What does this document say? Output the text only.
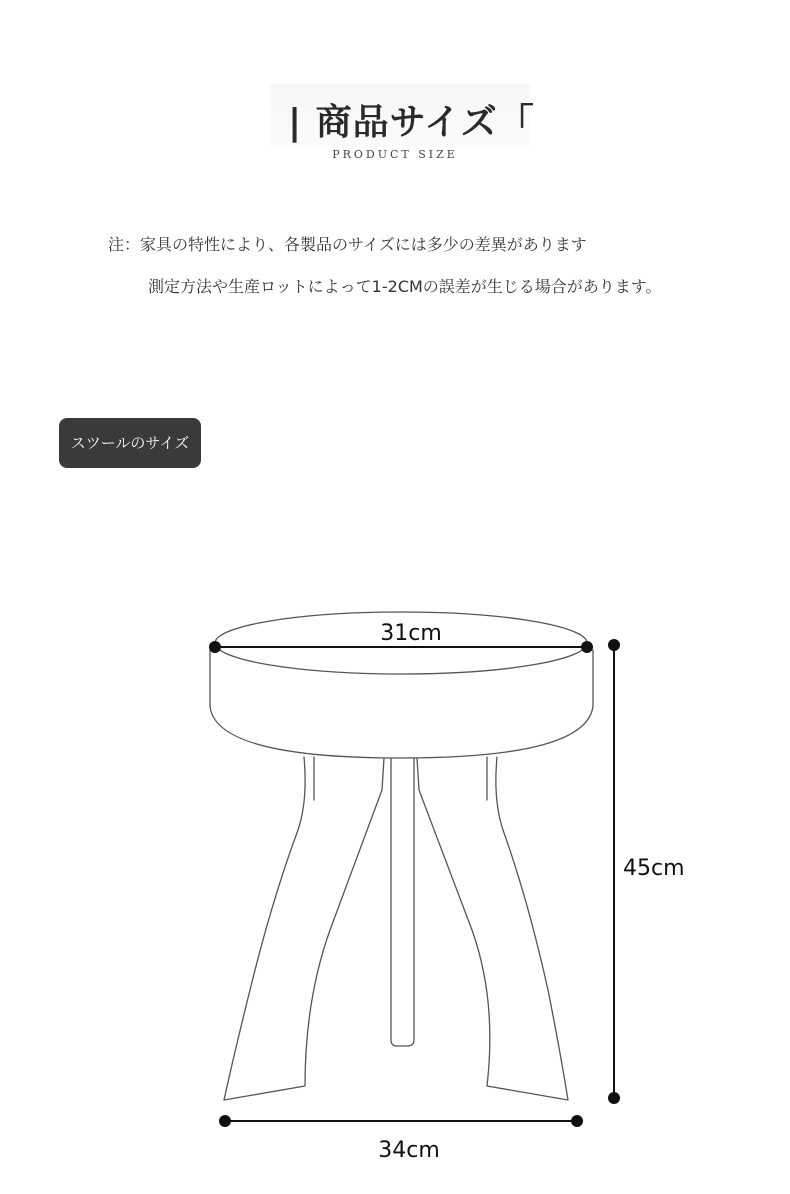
| 商品サイズ「
PRODUCT SIZE

注：家具の特性により、各製品のサイズには多少の差異があります

測定方法や生産ロットによって1-2CMの誤差が生じる場合があります。

スツールのサイズ
31cm
45cm
34cm
